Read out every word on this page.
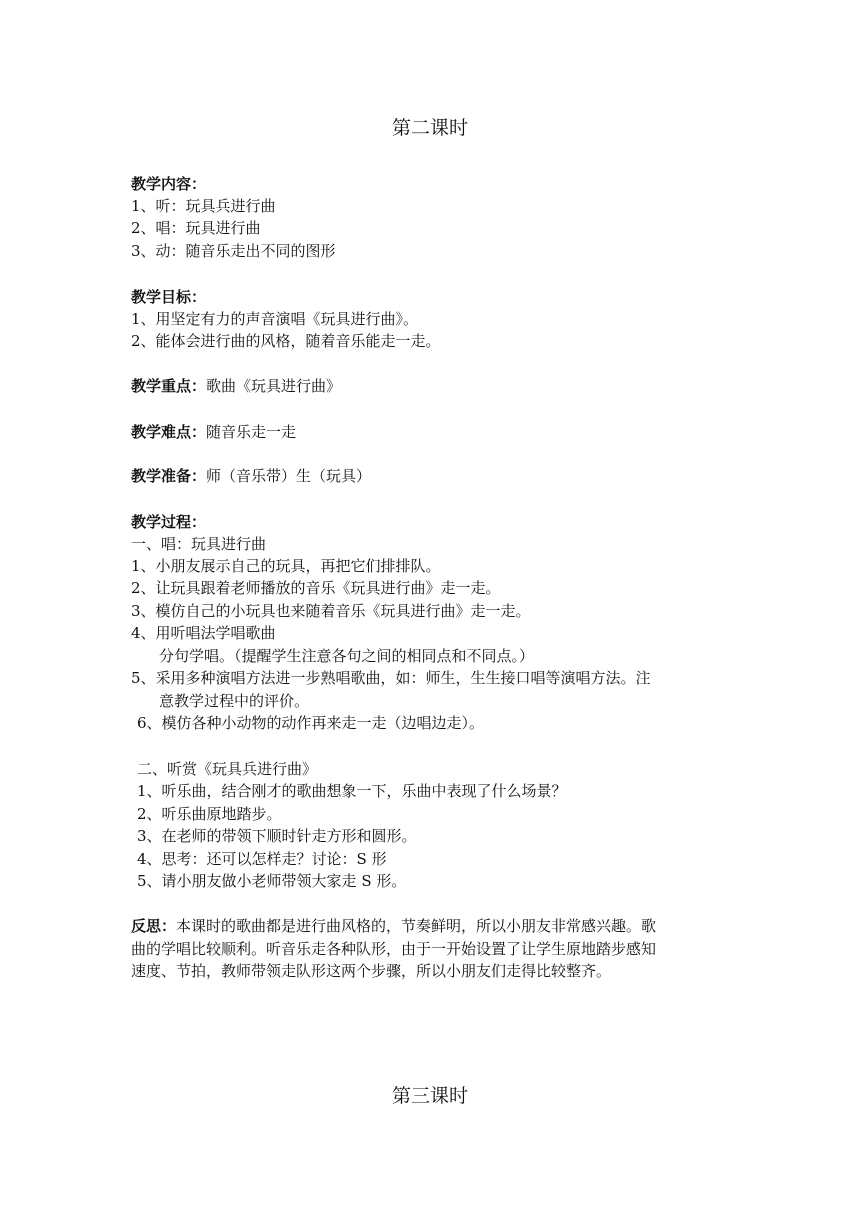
第二课时
教学内容：
1、听：玩具兵进行曲
2、唱：玩具进行曲
3、动：随音乐走出不同的图形
教学目标：
1、用坚定有力的声音演唱《玩具进行曲》。
2、能体会进行曲的风格，随着音乐能走一走。
教学重点：歌曲《玩具进行曲》
教学难点：随音乐走一走
教学准备：师（音乐带）生（玩具）
教学过程：
一、唱：玩具进行曲
1、小朋友展示自己的玩具，再把它们排排队。
2、让玩具跟着老师播放的音乐《玩具进行曲》走一走。
3、模仿自己的小玩具也来随着音乐《玩具进行曲》走一走。
4、用听唱法学唱歌曲
分句学唱。（提醒学生注意各句之间的相同点和不同点。）
5、采用多种演唱方法进一步熟唱歌曲，如：师生，生生接口唱等演唱方法。注
意教学过程中的评价。
6、模仿各种小动物的动作再来走一走（边唱边走）。
二、听赏《玩具兵进行曲》
1、听乐曲，结合刚才的歌曲想象一下，乐曲中表现了什么场景？
2、听乐曲原地踏步。
3、在老师的带领下顺时针走方形和圆形。
4、思考：还可以怎样走？讨论：S 形
5、请小朋友做小老师带领大家走 S 形。
反思：本课时的歌曲都是进行曲风格的，节奏鲜明，所以小朋友非常感兴趣。歌
曲的学唱比较顺利。听音乐走各种队形，由于一开始设置了让学生原地踏步感知
速度、节拍，教师带领走队形这两个步骤，所以小朋友们走得比较整齐。
第三课时
